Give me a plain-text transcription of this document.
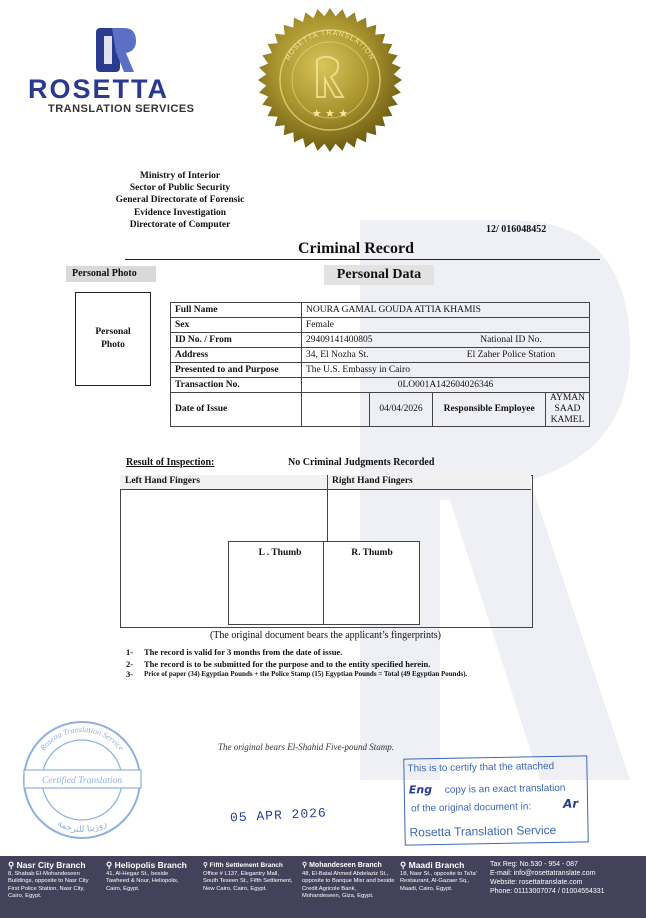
ROSETTA
TRANSLATION SERVICES	★ ★ ★
ROSETTA TRANSLATION
Ministry of Interior
Sector of Public Security
General Directorate of Forensic
Evidence Investigation
Directorate of Computer	12/ 016048452
Criminal Record
Personal Photo	Personal Data
Personal
Photo
Full Name	NOURA GAMAL GOUDA ATTIA KHAMIS			
Sex	Female			
ID No. / From	29409141400805		National ID No.	
Address	34, El Nozha St.		El Zaher Police Station	
Presented to and Purpose	The U.S. Embassy in Cairo			
Transaction No.	0LO001A142604026346			
Date of Issue		04/04/2026	Responsible Employee	AYMAN SAAD KAMEL
Result of Inspection:	No Criminal Judgments Recorded
Left Hand Fingers	Right Hand Fingers
L . Thumb	R. Thumb
(The original document bears the applicant’s fingerprints)
1-	The record is valid for 3 months from the date of issue.
2-	The record is to be submitted for the purpose and to the entity specified herein.
3-	Price of paper (34) Egyptian Pounds + the Police Stamp (15) Egyptian Pounds = Total (49 Egyptian Pounds).
The original bears El-Shahid Five-pound Stamp.
Rosetta Translation Service
Certified Translation
روزيتا للترجمة	05 APR 2026
This is to certify that the attached
Eng copy is an exact translation
of the original document in:	Ar
Rosetta Translation Service
⚲ Nasr City Branch
8, Shabab El-Mohandeseen Buildings, opposite to Nasr City First Police Station, Nasr City, Cairo, Egypt.
⚲ Heliopolis Branch
41, Al-Hegaz St., beside Tawheed & Nour, Heliopolis, Cairo, Egypt.
⚲ Fifth Settlement Branch
Office # L137, Elegantry Mall, South Teseen St., Fifth Settlement, New Cairo, Cairo, Egypt.
⚲ Mohandeseen Branch
48, El-Batal Ahmed Abdelaziz St., opposite to Banque Misr and beside Credit Agricole Bank, Mohandeseen, Giza, Egypt.
⚲ Maadi Branch
18, Nasr St., opposite to Ta'ta' Restaurant, Al-Gazaer Sq., Maadi, Cairo, Egypt.
Tax Reg: No.530 - 954 - 087
E-mail: info@rosettatranslate.com
Website: rosettatranslate.com
Phone: 01113007074 / 01004554331
